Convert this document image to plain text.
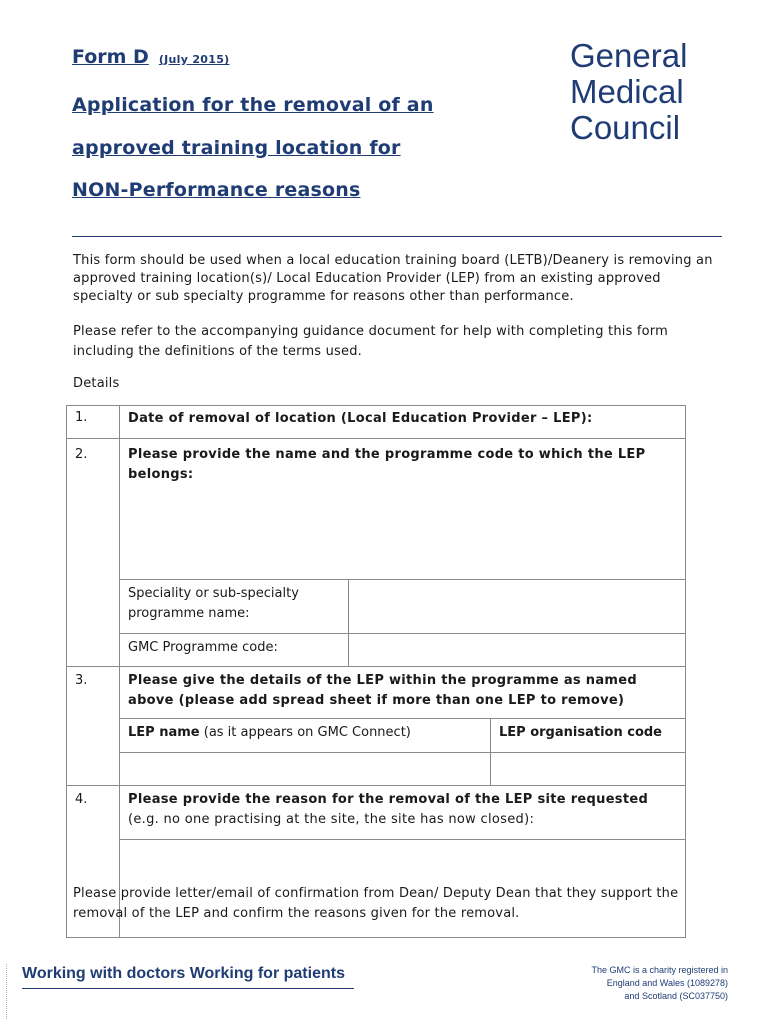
Form D (July 2015)
Application for the removal of an
approved training location for
NON-Performance reasons
General
Medical
Council
This form should be used when a local education training board (LETB)/Deanery is removing an approved training location(s)/ Local Education Provider (LEP) from an existing approved specialty or sub specialty programme for reasons other than performance.
Please refer to the accompanying guidance document for help with completing this form including the definitions of the terms used.
Details
1.	Date of removal of location (Local Education Provider – LEP):		
2.	Please provide the name and the programme code to which the LEP belongs:		
	Speciality or sub-specialty programme name:		
	GMC Programme code:		
3.	Please give the details of the LEP within the programme as named above (please add spread sheet if more than one LEP to remove)		
	LEP name (as it appears on GMC Connect)		LEP organisation code

4.	Please provide the reason for the removal of the LEP site requested
(e.g. no one practising at the site, the site has now closed):		

Please provide letter/email of confirmation from Dean/ Deputy Dean that they support the removal of the LEP and confirm the reasons given for the removal.
Working with doctors Working for patients	The GMC is a charity registered in
England and Wales (1089278)
and Scotland (SC037750)
